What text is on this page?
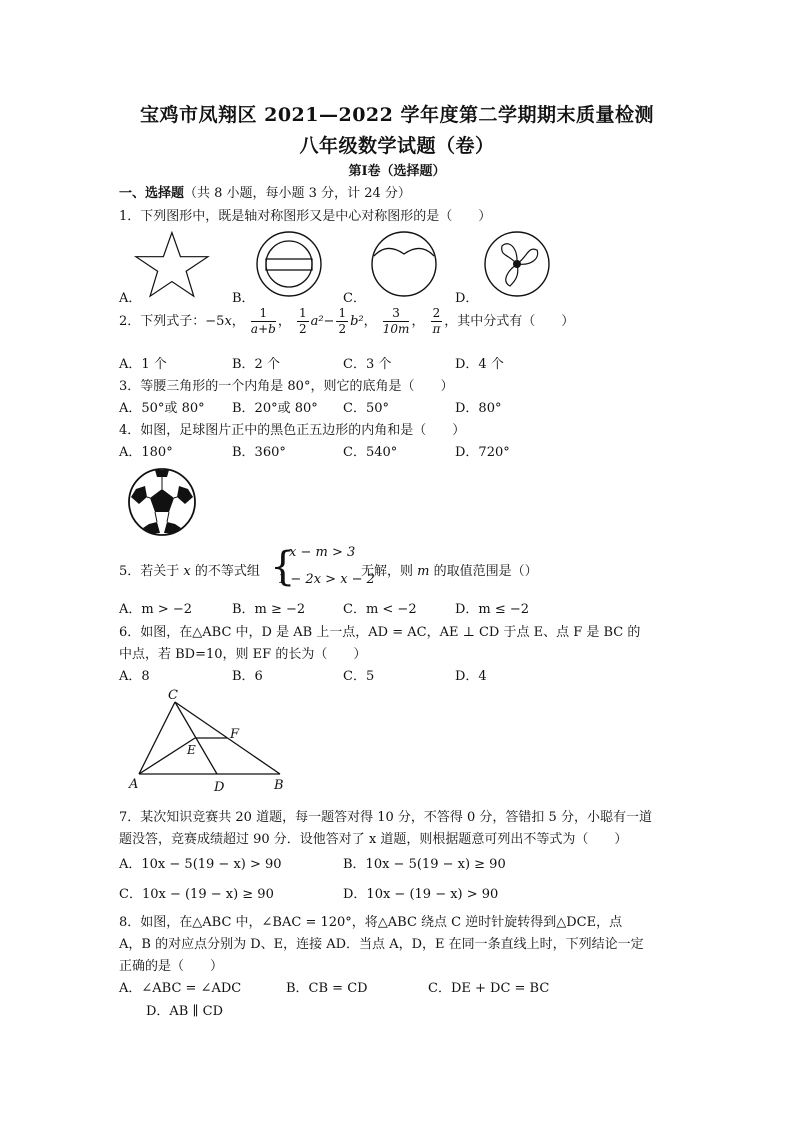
宝鸡市凤翔区 2021—2022 学年度第二学期期末质量检测
八年级数学试题（卷）
第Ⅰ卷（选择题）
一、选择题（共 8 小题，每小题 3 分，计 24 分）
1．下列图形中，既是轴对称图形又是中心对称图形的是（　　）
A．	B．	C．	D．
2．下列式子：−5x， $\frac{1}{a+b}$ ， $\frac{1}{2} a^2- \frac{1}{2} b^2$， $\frac{3}{10m}$ ， $\frac{2}{\pi}$ ，其中分式有（　　）
A．1 个	B．2 个	C．3 个	D．4 个
3．等腰三角形的一个内角是 80°，则它的底角是（　　）
A．50°或 80° B．20°或 80° C．50°	D．80°
4．如图，足球图片正中的黑色正五边形的内角和是（　　）
A．180°	B．360°	C．540°	D．720°
5．若关于 x 的不等式组 {
x − m > 3
1 − 2x > x − 2
无解，则 m 的取值范围是（）
A．m > −2	B．m ≥ −2	C．m < −2	D．m ≤ −2
6．如图，在△ABC 中，D 是 AB 上一点，AD = AC，AE ⊥ CD 于点 E、点 F 是 BC 的
中点，若 BD=10，则 EF 的长为（　　）
A．8	B．6	C．5	D．4
C
F
E
A	D	B
7．某次知识竞赛共 20 道题，每一题答对得 10 分，不答得 0 分，答错扣 5 分，小聪有一道
题没答，竞赛成绩超过 90 分．设他答对了 x 道题，则根据题意可列出不等式为（　　）
A．10x − 5(19 − x) > 90	B．10x − 5(19 − x) ≥ 90
C．10x − (19 − x) ≥ 90	D．10x − (19 − x) > 90
8．如图，在△ABC 中，∠BAC = 120°，将△ABC 绕点 C 逆时针旋转得到△DCE，点
A，B 的对应点分别为 D、E，连接 AD．当点 A，D，E 在同一条直线上时，下列结论一定
正确的是（　　）
A．∠ABC = ∠ADC	B．CB = CD	C．DE + DC = BC
D．AB ∥ CD
